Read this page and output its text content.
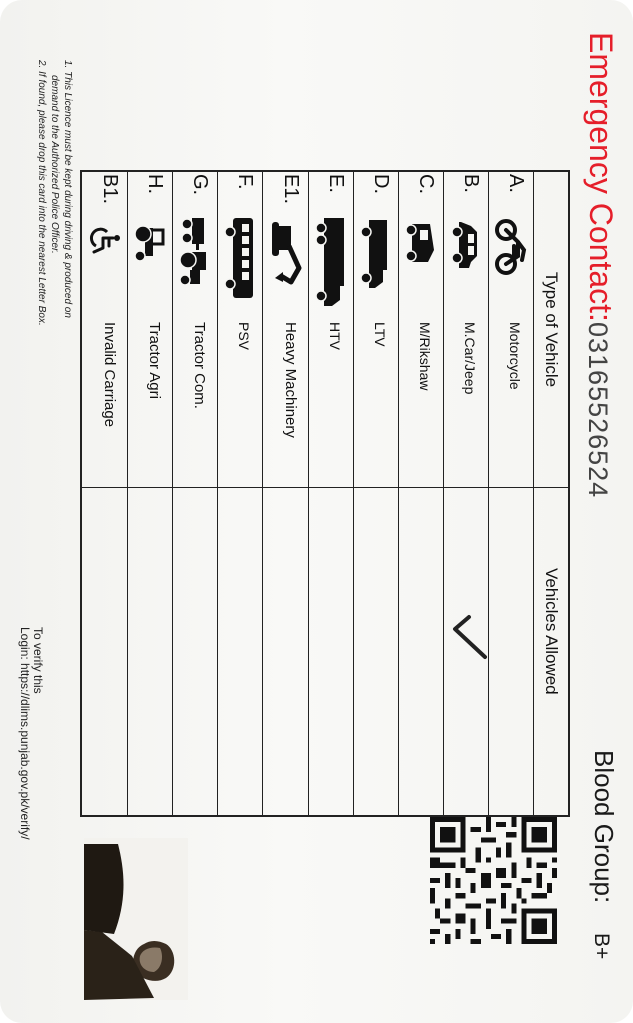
Emergency Contact:
03165526524
Blood Group:
B+
Type of Vehicle
Vehicles Allowed
A.
Motorcycle
B.
M.Car/Jeep
C.
M/Rikshaw
D.
LTV
E.
HTV
E1.
Heavy Machinery
F.
PSV
G.
Tractor Com.
H.
Tractor Agri
B1.
Invalid Carriage
1. This Licence must be kept during driving & produced on
demand to the Authorized Police Officer.
2. If found, please drop this card into the nearest Letter Box.
To verify this
Login: https://dlims.punjab.gov.pk/verify/
